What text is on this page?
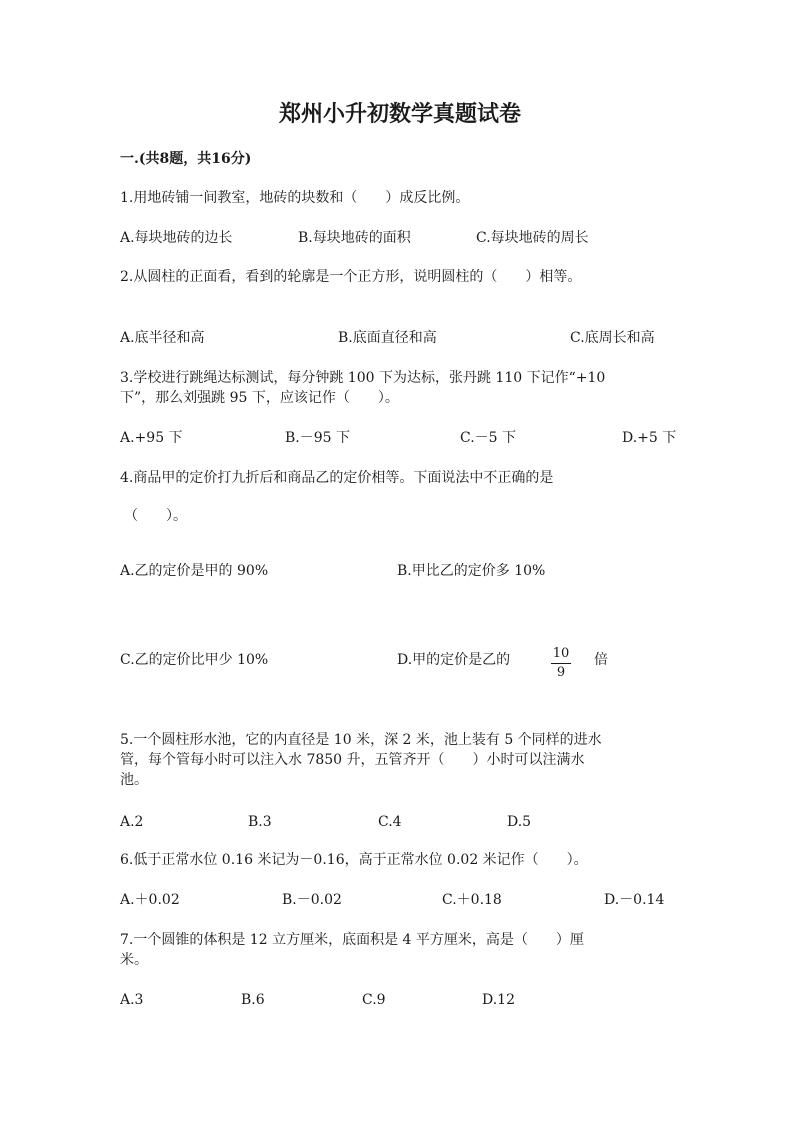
郑州小升初数学真题试卷
一.(共8题，共16分)
1.用地砖铺一间教室，地砖的块数和（　　）成反比例。
A.每块地砖的边长	B.每块地砖的面积	C.每块地砖的周长
2.从圆柱的正面看，看到的轮廓是一个正方形，说明圆柱的（　　）相等。
A.底半径和高	B.底面直径和高	C.底周长和高
3.学校进行跳绳达标测试，每分钟跳 100 下为达标，张丹跳 110 下记作“+10
下”，那么刘强跳 95 下，应该记作（　　）。
A.+95 下	B.－95 下	C.－5 下	D.+5 下
4.商品甲的定价打九折后和商品乙的定价相等。下面说法中不正确的是
（　　）。
A.乙的定价是甲的 90%	B.甲比乙的定价多 10%
C.乙的定价比甲少 10%	D.甲的定价是乙的	10
9
倍
5.一个圆柱形水池，它的内直径是 10 米，深 2 米，池上装有 5 个同样的进水
管，每个管每小时可以注入水 7850 升，五管齐开（　　）小时可以注满水
池。
A.2	B.3	C.4	D.5
6.低于正常水位 0.16 米记为－0.16，高于正常水位 0.02 米记作（　　）。
A.＋0.02	B.－0.02	C.＋0.18	D.－0.14
7.一个圆锥的体积是 12 立方厘米，底面积是 4 平方厘米，高是（　　）厘
米。
A.3	B.6	C.9	D.12
